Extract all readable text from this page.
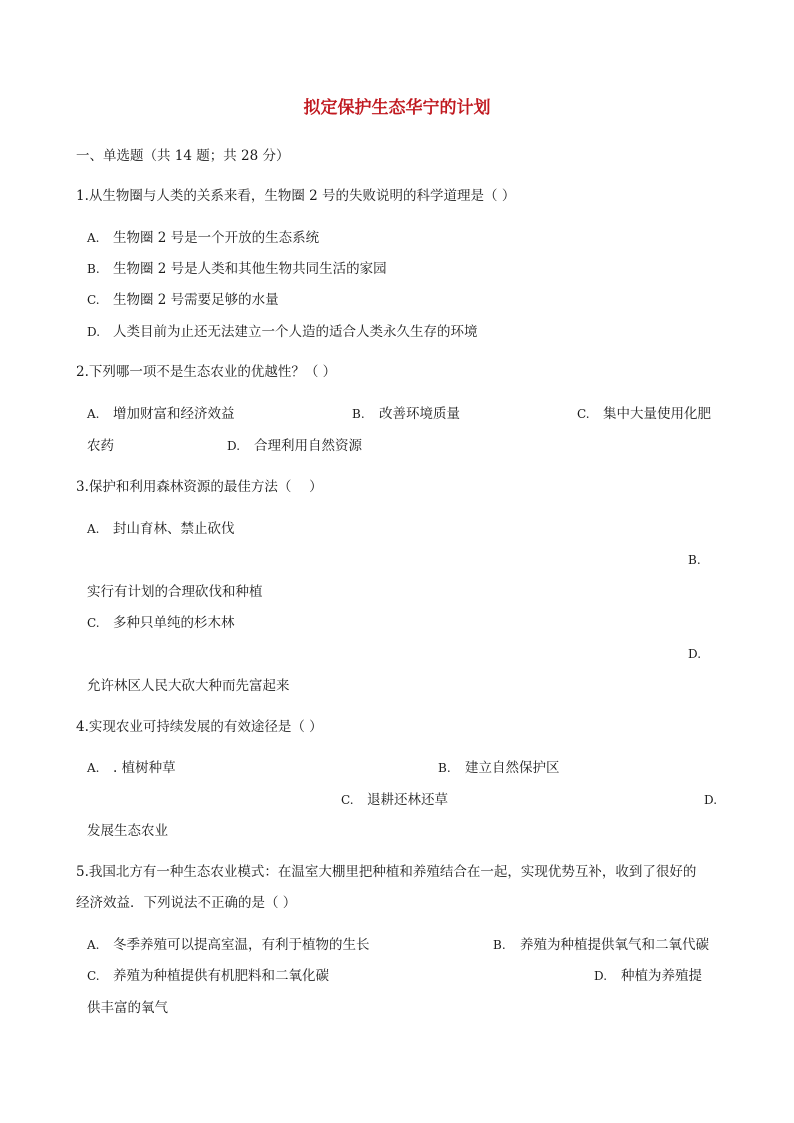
拟定保护生态华宁的计划
一、单选题（共 14 题；共 28 分）
1.从生物圈与人类的关系来看，生物圈 2 号的失败说明的科学道理是（ ）
A. 生物圈 2 号是一个开放的生态系统
B. 生物圈 2 号是人类和其他生物共同生活的家园
C. 生物圈 2 号需要足够的水量
D. 人类目前为止还无法建立一个人造的适合人类永久生存的环境
2.下列哪一项不是生态农业的优越性？（ ）
A. 增加财富和经济效益	B. 改善环境质量	C. 集中大量使用化肥
农药	D. 合理利用自然资源
3.保护和利用森林资源的最佳方法（　 ）
A. 封山育林、禁止砍伐
B.
实行有计划的合理砍伐和种植
C. 多种只单纯的杉木林
D.
允许林区人民大砍大种而先富起来
4.实现农业可持续发展的有效途径是（ ）
A. . 植树种草	B. 建立自然保护区
C. 退耕还林还草	D.
发展生态农业
5.我国北方有一种生态农业模式：在温室大棚里把种植和养殖结合在一起，实现优势互补，收到了很好的
经济效益．下列说法不正确的是（ ）
A. 冬季养殖可以提高室温，有利于植物的生长	B. 养殖为种植提供氧气和二氧代碳
C. 养殖为种植提供有机肥料和二氧化碳	D. 种植为养殖提
供丰富的氧气
